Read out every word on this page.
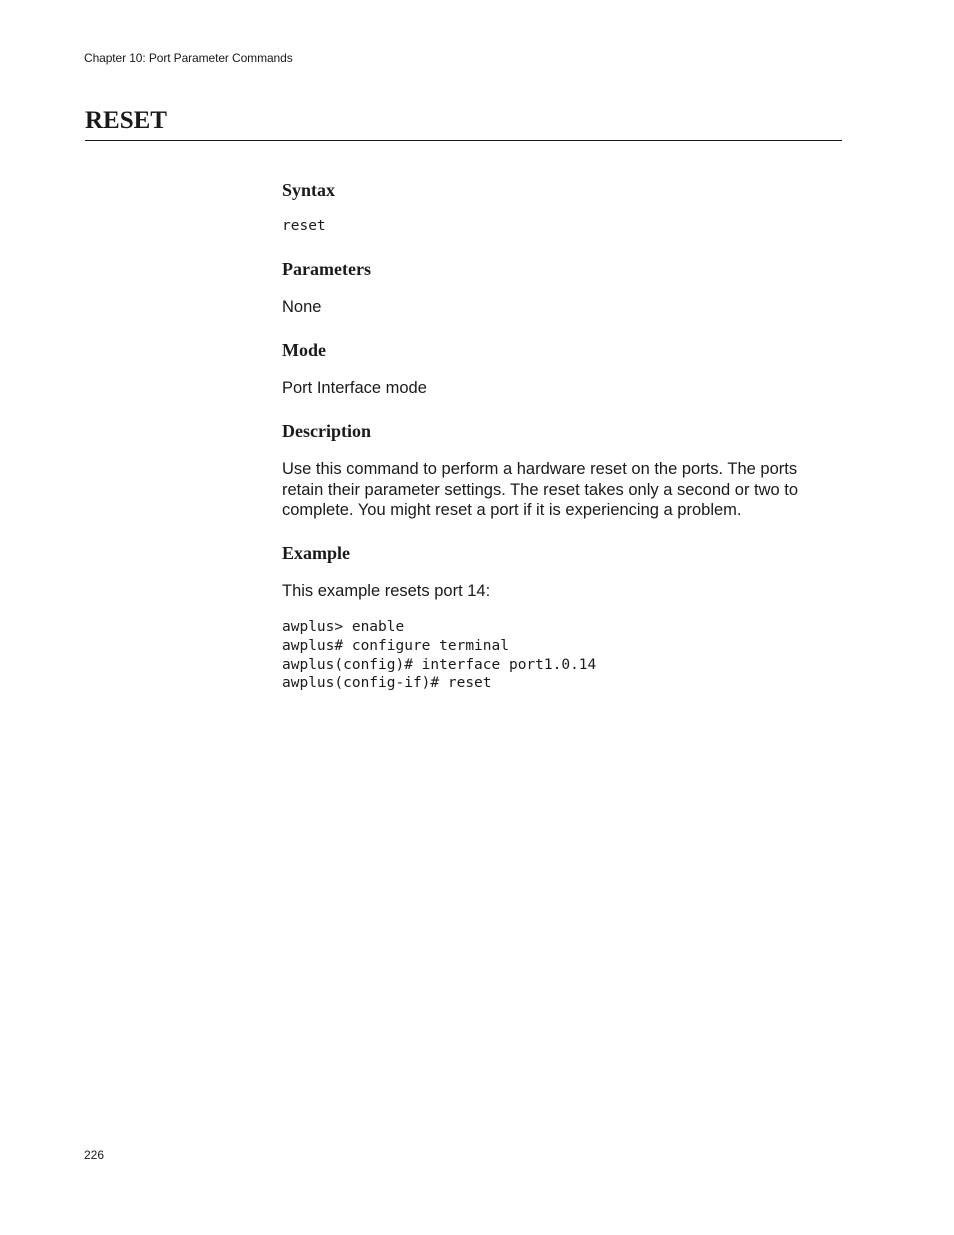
Chapter 10: Port Parameter Commands
RESET
Syntax
reset
Parameters

None

Mode

Port Interface mode

Description

Use this command to perform a hardware reset on the ports. The ports retain their parameter settings. The reset takes only a second or two to complete. You might reset a port if it is experiencing a problem.

Example

This example resets port 14:

awplus> enable
awplus# configure terminal
awplus(config)# interface port1.0.14
awplus(config-if)# reset
226
